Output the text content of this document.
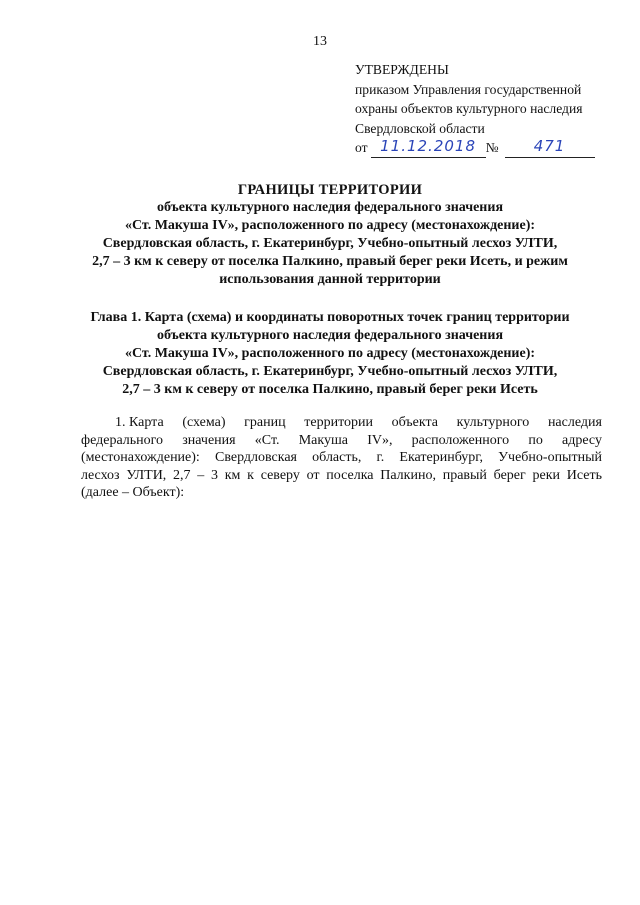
13
УТВЕРЖДЕНЫ
приказом Управления государственной
охраны объектов культурного наследия
Свердловской области
от 11.12.2018 №	471
ГРАНИЦЫ ТЕРРИТОРИИ
объекта культурного наследия федерального значения
«Ст. Макуша IV», расположенного по адресу (местонахождение):
Свердловская область, г. Екатеринбург, Учебно-опытный лесхоз УЛТИ,
2,7 – 3 км к северу от поселка Палкино, правый берег реки Исеть, и режим
использования данной территории
Глава 1. Карта (схема) и координаты поворотных точек границ территории
объекта культурного наследия федерального значения
«Ст. Макуша IV», расположенного по адресу (местонахождение):
Свердловская область, г. Екатеринбург, Учебно-опытный лесхоз УЛТИ,
2,7 – 3 км к северу от поселка Палкино, правый берег реки Исеть
1. Карта (схема) границ территории объекта культурного наследия
федерального значения «Ст. Макуша IV», расположенного по адресу
(местонахождение): Свердловская область, г. Екатеринбург, Учебно-опытный
лесхоз УЛТИ, 2,7 – 3 км к северу от поселка Палкино, правый берег реки Исеть
(далее – Объект):
